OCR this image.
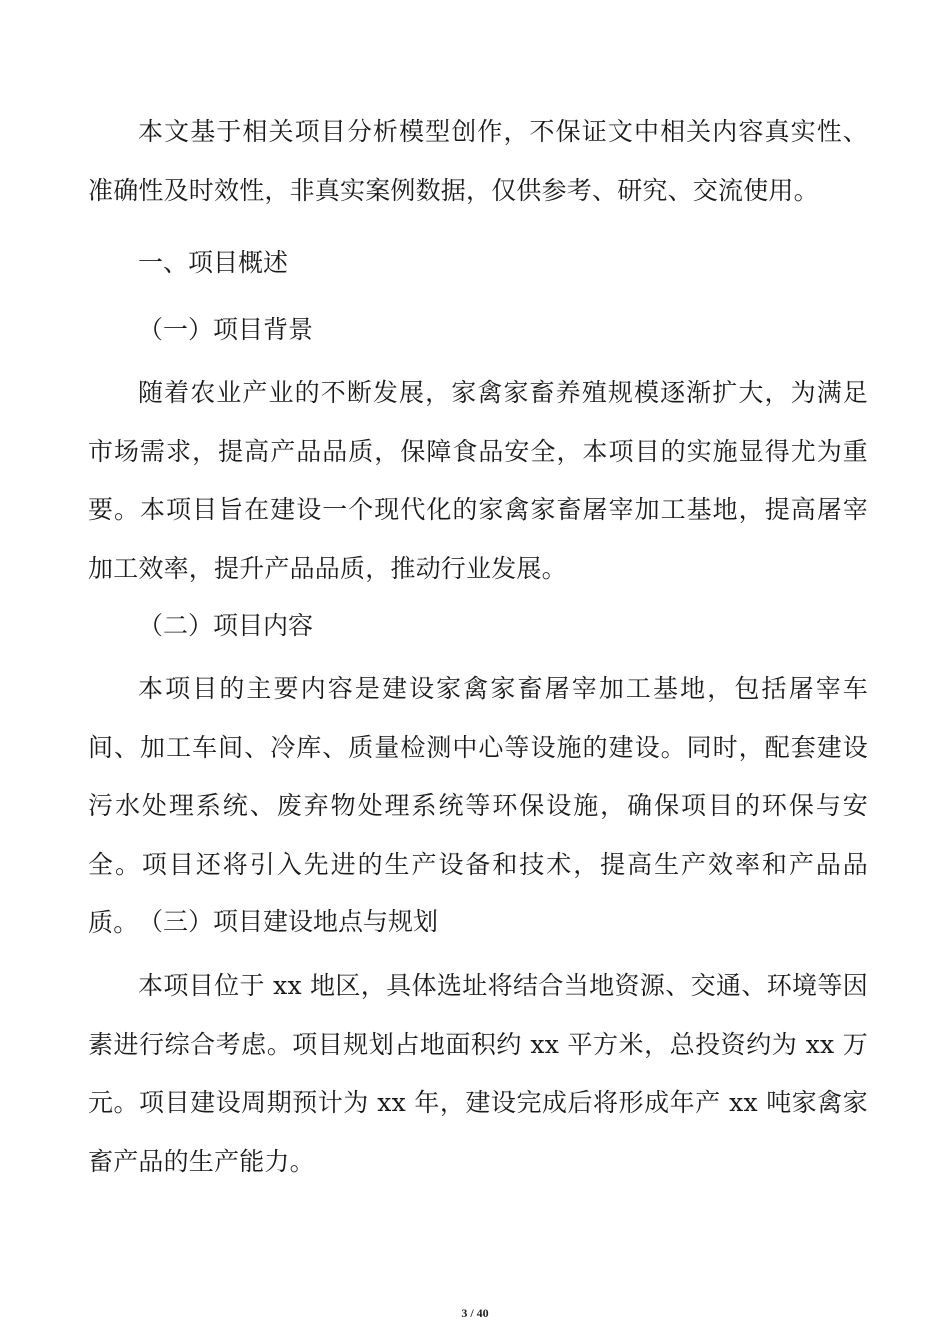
本文基于相关项目分析模型创作，不保证文中相关内容真实性、准确性及时效性，非真实案例数据，仅供参考、研究、交流使用。

一、项目概述
（一）项目背景

随着农业产业的不断发展，家禽家畜养殖规模逐渐扩大，为满足市场需求，提高产品品质，保障食品安全，本项目的实施显得尤为重要。本项目旨在建设一个现代化的家禽家畜屠宰加工基地，提高屠宰加工效率，提升产品品质，推动行业发展。

（二）项目内容

本项目的主要内容是建设家禽家畜屠宰加工基地，包括屠宰车间、加工车间、冷库、质量检测中心等设施的建设。同时，配套建设污水处理系统、废弃物处理系统等环保设施，确保项目的环保与安全。项目还将引入先进的生产设备和技术，提高生产效率和产品品质。 （三）项目建设地点与规划

本项目位于 xx 地区，具体选址将结合当地资源、交通、环境等因素进行综合考虑。项目规划占地面积约 xx 平方米，总投资约为 xx 万元。项目建设周期预计为 xx 年，建设完成后将形成年产 xx 吨家禽家畜产品的生产能力。

3 / 40
